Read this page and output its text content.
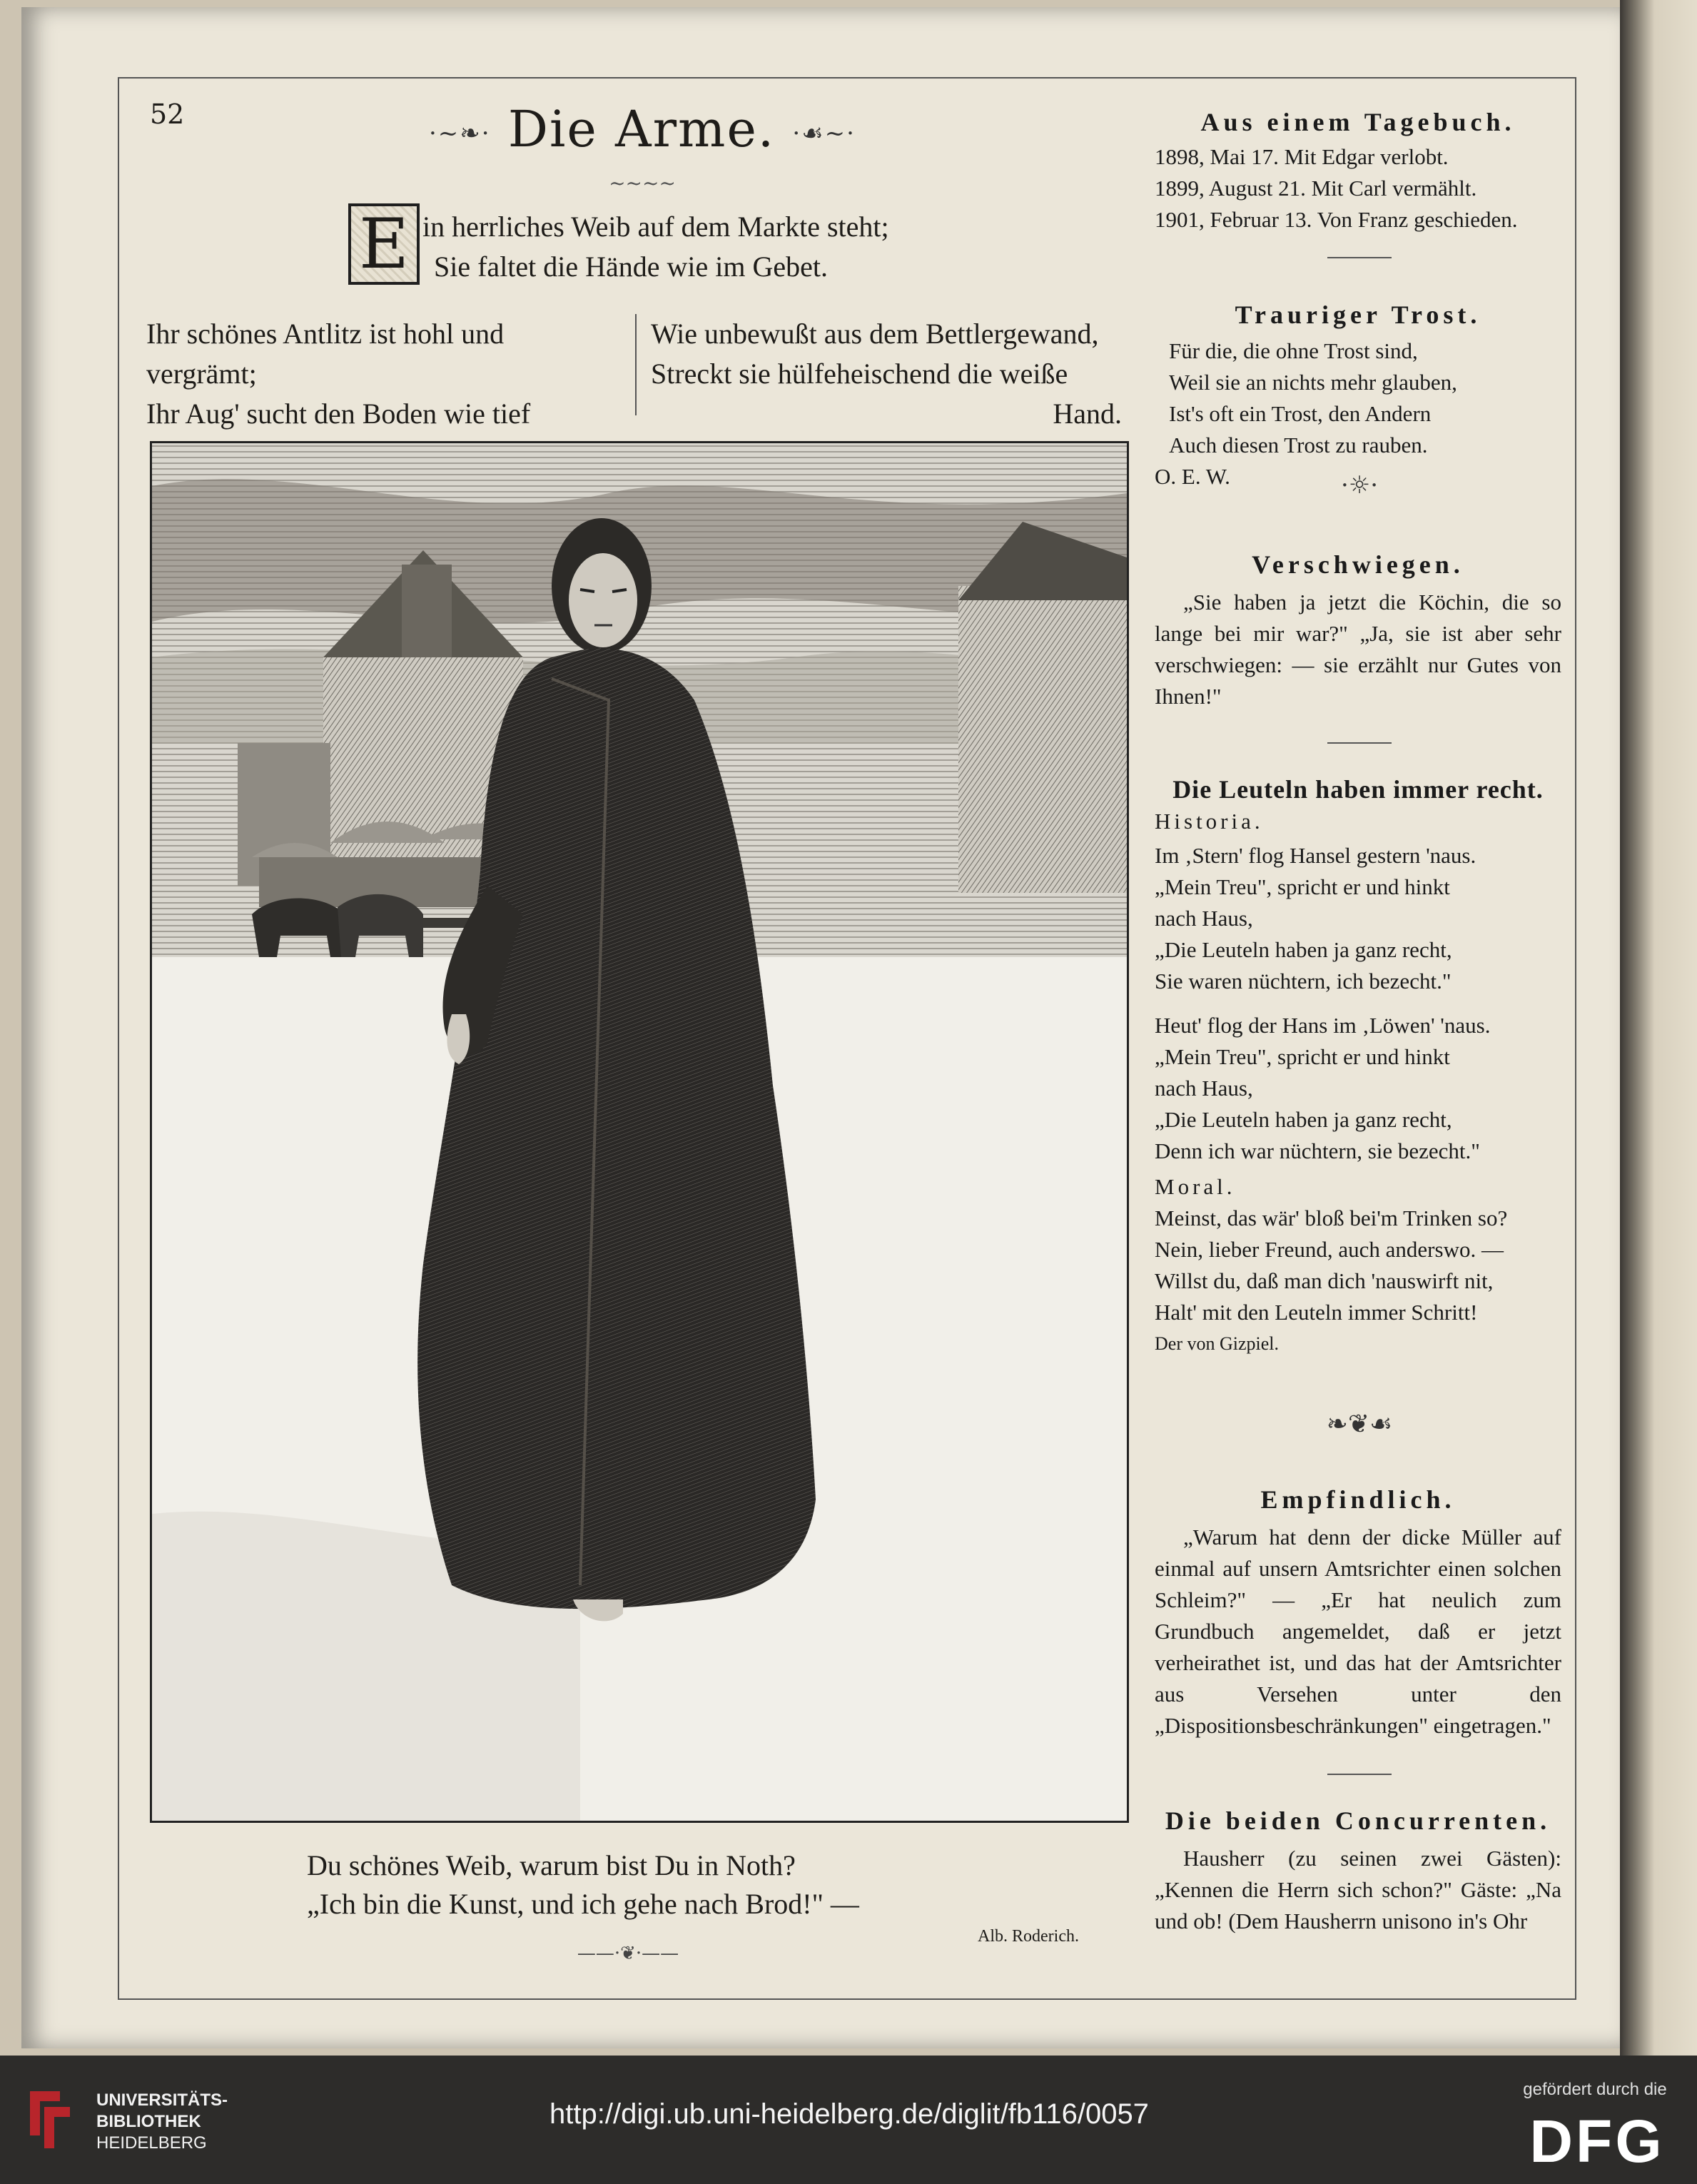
52
·~❧· Die Arme. ·☙~·
~~~~
E in herrliches Weib auf dem Markte steht;
Sie faltet die Hände wie im Gebet.
Ihr schönes Antlitz ist hohl und vergrämt;
Ihr Aug' sucht den Boden wie tief
Wie unbewußt aus dem Bettlergewand,
Streckt sie hülfeheischend die weiße
Hand.
Du schönes Weib, warum bist Du in Noth?
„Ich bin die Kunst, und ich gehe nach Brod!" —
Alb. Roderich.
——·❦·——
Aus einem Tagebuch.
1898, Mai 17. Mit Edgar verlobt.
1899, August 21. Mit Carl vermählt.
1901, Februar 13. Von Franz geschieden.
Trauriger Trost.
Für die, die ohne Trost sind,
Weil sie an nichts mehr glauben,
Ist's oft ein Trost, den Andern
Auch diesen Trost zu rauben.
O. E. W.	·☼·
Verschwiegen.
„Sie haben ja jetzt die Köchin, die so lange bei mir war?" „Ja, sie ist aber sehr verschwiegen: — sie erzählt nur Gutes von Ihnen!"
Die Leuteln haben immer recht.
Historia.
Im ‚Stern' flog Hansel gestern 'naus.
„Mein Treu", spricht er und hinkt
nach Haus,
„Die Leuteln haben ja ganz recht,
Sie waren nüchtern, ich bezecht."
Heut' flog der Hans im ‚Löwen' 'naus.
„Mein Treu", spricht er und hinkt
nach Haus,
„Die Leuteln haben ja ganz recht,
Denn ich war nüchtern, sie bezecht."
Moral.
Meinst, das wär' bloß bei'm Trinken so?
Nein, lieber Freund, auch anderswo. —
Willst du, daß man dich 'nauswirft nit,
Halt' mit den Leuteln immer Schritt!
Der von Gizpiel.
❧❦☙
Empfindlich.
„Warum hat denn der dicke Müller auf einmal auf unsern Amtsrichter einen solchen Schleim?" — „Er hat neulich zum Grundbuch angemeldet, daß er jetzt verheirathet ist, und das hat der Amtsrichter aus Versehen unter den „Dispositionsbeschränkungen" eingetragen."
Die beiden Concurrenten.
Hausherr (zu seinen zwei Gästen): „Kennen die Herrn sich schon?" Gäste: „Na und ob! (Dem Hausherrn unisono in's Ohr
UNIVERSITÄTS-
BIBLIOTHEK
HEIDELBERG
http://digi.ub.uni-heidelberg.de/diglit/fb116/0057
gefördert durch die
DFG
